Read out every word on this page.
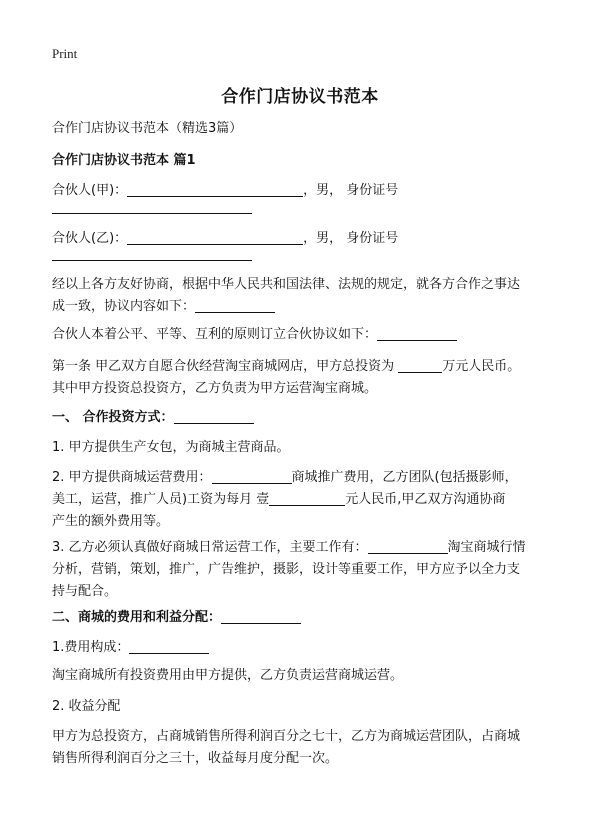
Print
合作门店协议书范本
合作门店协议书范本（精选3篇）
合作门店协议书范本 篇1
合伙人(甲)：	，男， 身份证号
合伙人(乙)：	，男， 身份证号
经以上各方友好协商，根据中华人民共和国法律、法规的规定，就各方合作之事达
成一致，协议内容如下：
合伙人本着公平、平等、互利的原则订立合伙协议如下：
第一条 甲乙双方自愿合伙经营淘宝商城网店，甲方总投资为	万元人民币。
其中甲方投资总投资方，乙方负责为甲方运营淘宝商城。
一、 合作投资方式：
1. 甲方提供生产女包，为商城主营商品。
2. 甲方提供商城运营费用：	商城推广费用，乙方团队(包括摄影师，
美工，运营，推广人员)工资为每月 壹	元人民币,甲乙双方沟通协商
产生的额外费用等。
3. 乙方必须认真做好商城日常运营工作，主要工作有：	淘宝商城行情
分析，营销，策划，推广，广告维护，摄影，设计等重要工作，甲方应予以全力支
持与配合。
二、商城的费用和利益分配：
1.费用构成：
淘宝商城所有投资费用由甲方提供，乙方负责运营商城运营。
2. 收益分配
甲方为总投资方，占商城销售所得利润百分之七十，乙方为商城运营团队，占商城
销售所得利润百分之三十，收益每月度分配一次。
